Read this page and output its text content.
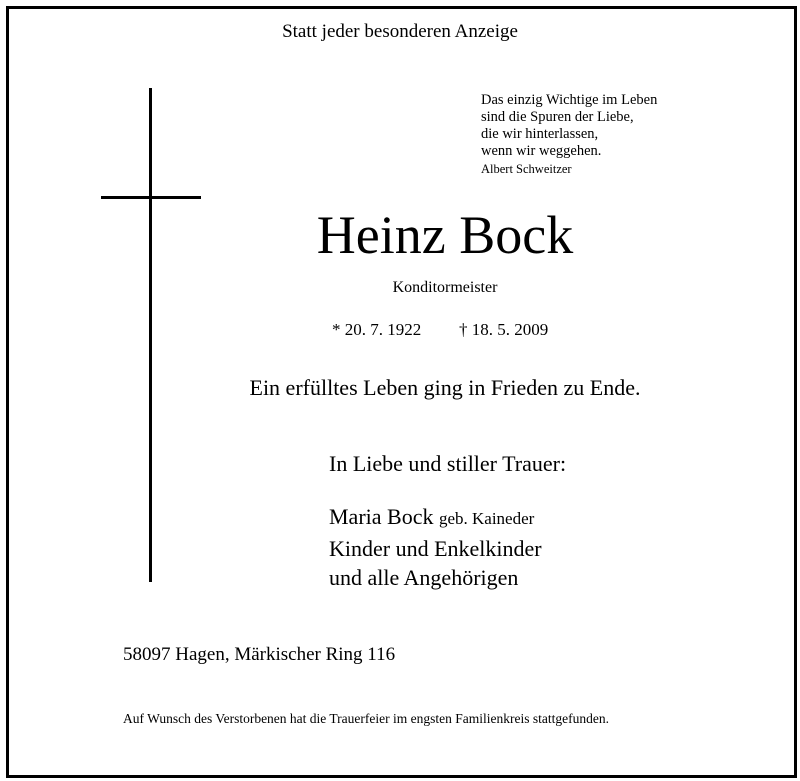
Statt jeder besonderen Anzeige
Das einzig Wichtige im Leben
sind die Spuren der Liebe,
die wir hinterlassen,
wenn wir weggehen.
Albert Schweitzer
Heinz Bock
Konditormeister
* 20. 7. 1922 † 18. 5. 2009
Ein erfülltes Leben ging in Frieden zu Ende.
In Liebe und stiller Trauer:
Maria Bock geb. Kaineder
Kinder und Enkelkinder
und alle Angehörigen
58097 Hagen, Märkischer Ring 116
Auf Wunsch des Verstorbenen hat die Trauerfeier im engsten Familienkreis stattgefunden.
